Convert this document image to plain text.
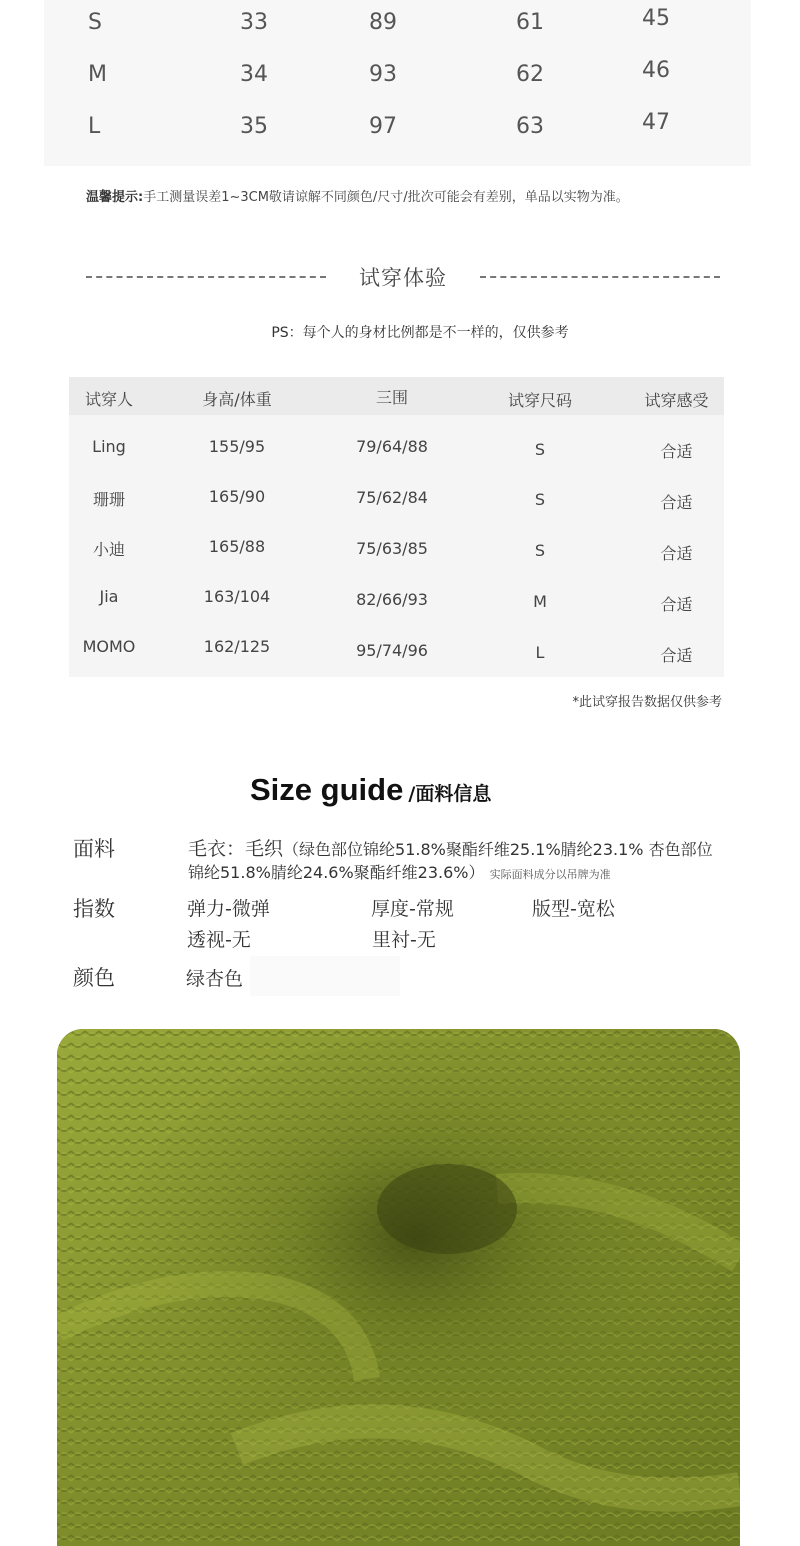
S	33	89	61	45
M	34	93	62	46
L	35	97	63	47
温馨提示:手工测量误差1~3CM敬请谅解不同颜色/尺寸/批次可能会有差别，单品以实物为准。
试穿体验
PS：每个人的身材比例都是不一样的，仅供参考
试穿人	身高/体重	三围	试穿尺码	试穿感受
Ling	155/95	79/64/88	S	合适
珊珊	165/90	75/62/84	S	合适
小迪	165/88	75/63/85	S	合适
Jia	163/104	82/66/93	M	合适
MOMO	162/125	95/74/96	L	合适
*此试穿报告数据仅供参考
Size guide /面料信息
面料	毛衣：毛织（绿色部位锦纶51.8%聚酯纤维25.1%腈纶23.1% 杏色部位
锦纶51.8%腈纶24.6%聚酯纤维23.6%） 实际面料成分以吊牌为准
指数	弹力-微弹	厚度-常规	版型-宽松
透视-无	里衬-无
颜色	绿杏色
